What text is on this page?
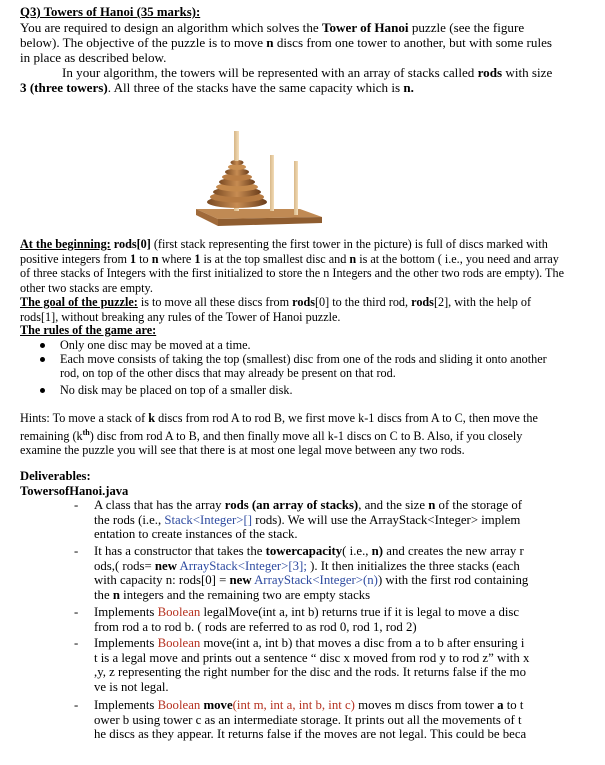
Q3) Towers of Hanoi (35 marks):
You are required to design an algorithm which solves the Tower of Hanoi puzzle (see the figure
below). The objective of the puzzle is to move n discs from one tower to another, but with some rules
in place as described below.
In your algorithm, the towers will be represented with an array of stacks called rods with size
3 (three towers). All three of the stacks have the same capacity which is n.
At the beginning: rods[0] (first stack representing the first tower in the picture) is full of discs marked with
positive integers from 1 to n where 1 is at the top smallest disc and n is at the bottom ( i.e., you need and array
of three stacks of Integers with the first initialized to store the n Integers and the other two rods are empty). The
other two stacks are empty.
The goal of the puzzle: is to move all these discs from rods[0] to the third rod, rods[2], with the help of
rods[1], without breaking any rules of the Tower of Hanoi puzzle.
The rules of the game are:
Only one disc may be moved at a time.
Each move consists of taking the top (smallest) disc from one of the rods and sliding it onto another
rod, on top of the other discs that may already be present on that rod.
No disk may be placed on top of a smaller disk.
Hints: To move a stack of k discs from rod A to rod B, we first move k-1 discs from A to C, then move the
remaining $(k^{th})$ disc from rod A to B, and then finally move all k-1 discs on C to B. Also, if you closely
examine the puzzle you will see that there is at most one legal move between any two rods.
Deliverables:
TowersofHanoi.java
- A class that has the array rods (an array of stacks), and the size n of the storage of
the rods (i.e., Stack<Integer>[] rods). We will use the ArrayStack<Integer> implem
entation to create instances of the stack.
- It has a constructor that takes the towercapacity( i.e., n) and creates the new array r
ods,( rods= new ArrayStack<Integer>[3]; ). It then initializes the three stacks (each
with capacity n: rods[0] = new ArrayStack<Integer>(n)) with the first rod containing
the n integers and the remaining two are empty stacks
- Implements Boolean legalMove(int a, int b) returns true if it is legal to move a disc
from rod a to rod b. ( rods are referred to as rod 0, rod 1, rod 2)
- Implements Boolean move(int a, int b) that moves a disc from a to b after ensuring i
t is a legal move and prints out a sentence “ disc x moved from rod y to rod z” with x
,y, z representing the right number for the disc and the rods. It returns false if the mo
ve is not legal.
- Implements Boolean move(int m, int a, int b, int c) moves m discs from tower a to t
ower b using tower c as an intermediate storage. It prints out all the movements of t
he discs as they appear. It returns false if the moves are not legal. This could be beca
